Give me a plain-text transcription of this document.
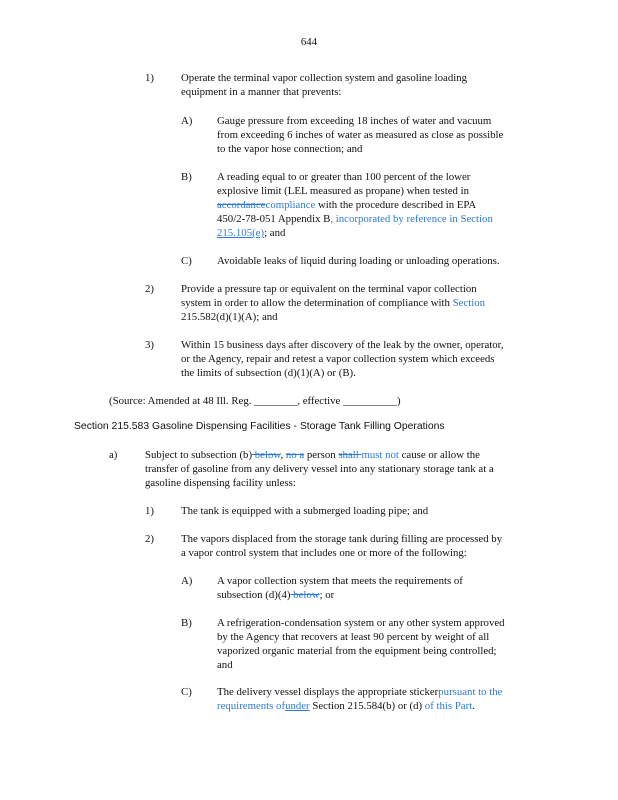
644
1)	Operate the terminal vapor collection system and gasoline loading
equipment in a manner that prevents:
A)	Gauge pressure from exceeding 18 inches of water and vacuum
from exceeding 6 inches of water as measured as close as possible
to the vapor hose connection; and
B)	A reading equal to or greater than 100 percent of the lower
explosive limit (LEL measured as propane) when tested in
accordancecompliance with the procedure described in EPA
450/2-78-051 Appendix B, incorporated by reference in Section
215.105(e); and
C)	Avoidable leaks of liquid during loading or unloading operations.
2)	Provide a pressure tap or equivalent on the terminal vapor collection
system in order to allow the determination of compliance with Section
215.582(d)(1)(A); and
3)	Within 15 business days after discovery of the leak by the owner, operator,
or the Agency, repair and retest a vapor collection system which exceeds
the limits of subsection (d)(1)(A) or (B).
(Source: Amended at 48 Ill. Reg. ________, effective __________)
Section 215.583 Gasoline Dispensing Facilities - Storage Tank Filling Operations
a)	Subject to subsection (b) below, no a person shall must not cause or allow the
transfer of gasoline from any delivery vessel into any stationary storage tank at a
gasoline dispensing facility unless:
1)	The tank is equipped with a submerged loading pipe; and
2)	The vapors displaced from the storage tank during filling are processed by
a vapor control system that includes one or more of the following:
A)	A vapor collection system that meets the requirements of
subsection (d)(4) below; or
B)	A refrigeration-condensation system or any other system approved
by the Agency that recovers at least 90 percent by weight of all
vaporized organic material from the equipment being controlled;
and
C)	The delivery vessel displays the appropriate stickerpursuant to the
requirements ofunder Section 215.584(b) or (d) of this Part.
